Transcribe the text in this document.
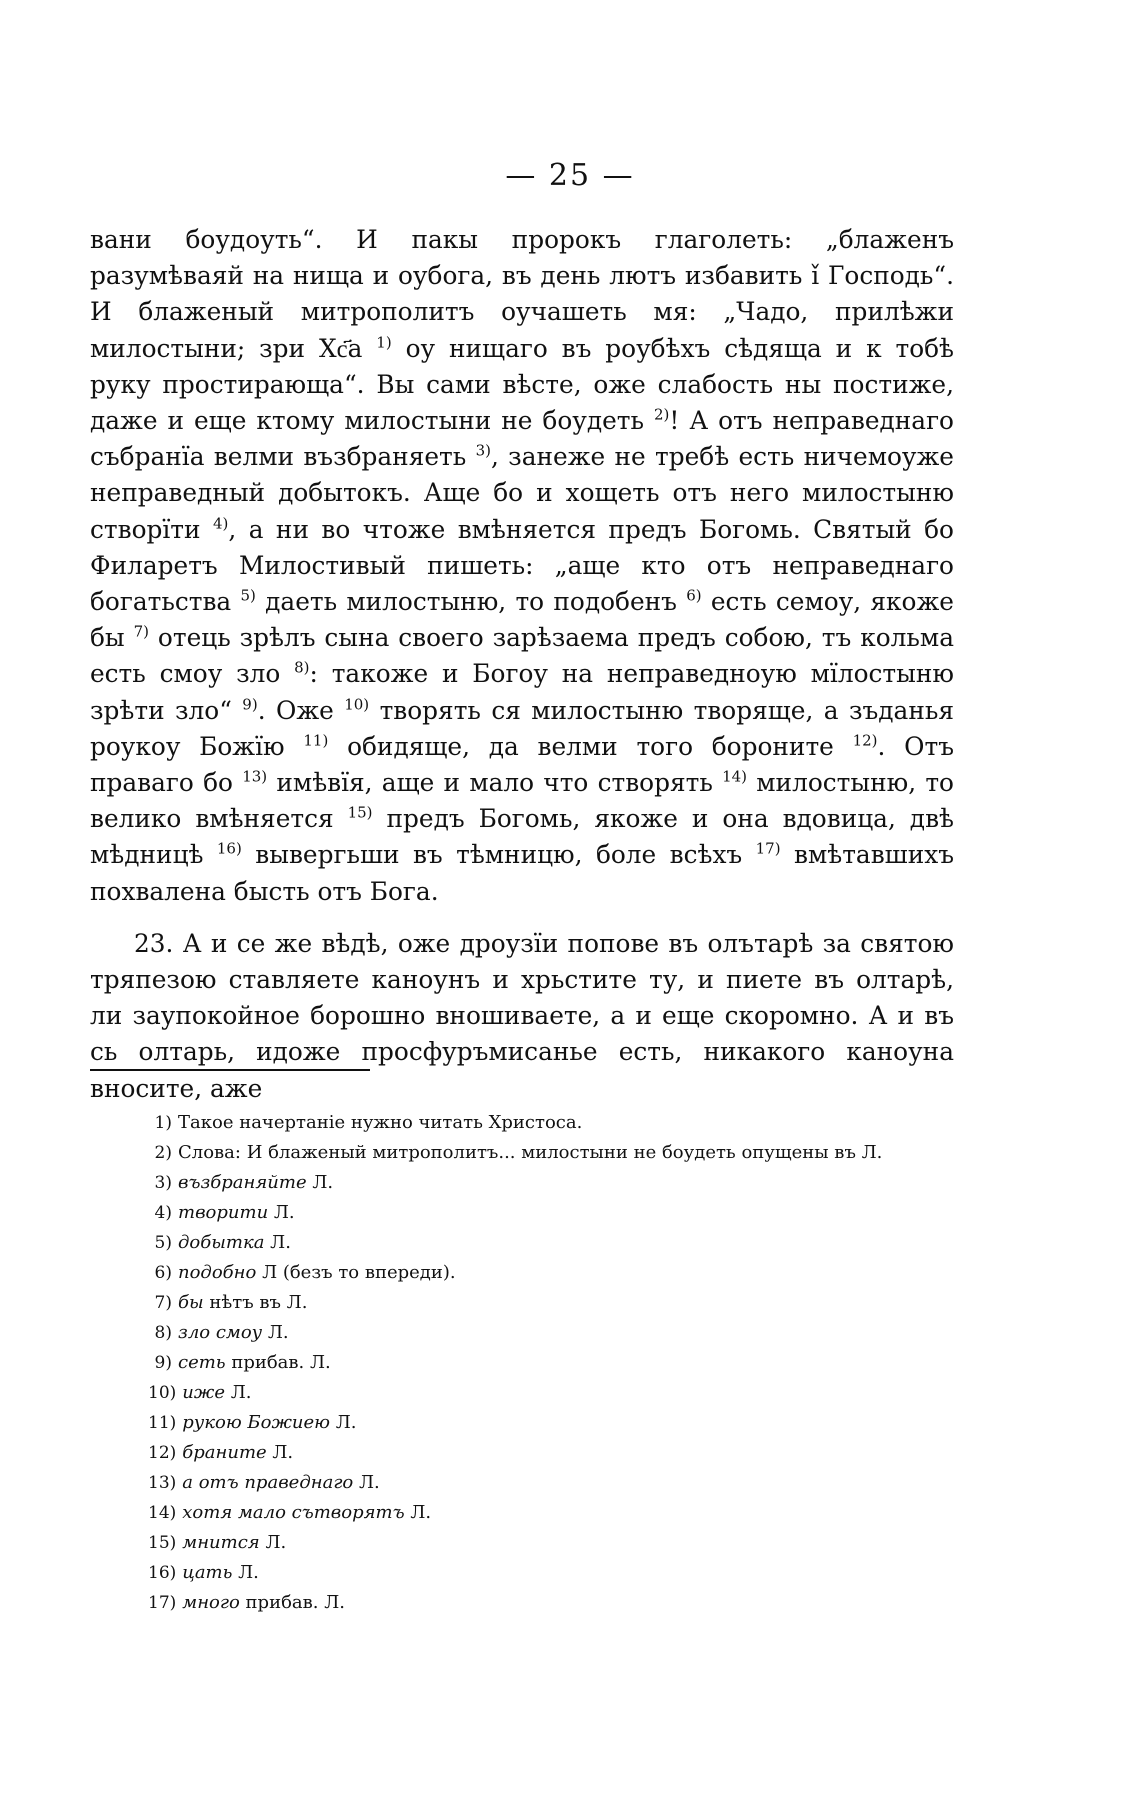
— 25 —

вани боудоуть“. И пакы пророкъ глаголеть: „блаженъ разумѣваяй на нища и оубога, въ день лютъ избавить ǐ Господь“. И блаженый митрополитъ оучашеть мя: „Чадо, прилѣжи милостыни; зри Хс҃а $^{1)}$ оу нищаго въ роубѣхъ сѣдяща и к тобѣ руку простирающа“. Вы сами вѣсте, оже слабость ны постиже, даже и еще ктому милостыни не боудеть $^{2)}$! А отъ неправеднаго събранïа велми възбраняеть $^{3)}$, занеже не требѣ есть ничемоуже неправедный добытокъ. Аще бо и хощеть отъ него милостыню створïти $^{4)}$, а ни во чтоже вмѣняется предъ Богомь. Святый бо Филаретъ Милостивый пишеть: „аще кто отъ неправеднаго богатьства $^{5)}$ даеть милостыню, то подобенъ $^{6)}$ есть семоу, якоже бы $^{7)}$ отець зрѣлъ сына своего зарѣзаема предъ собою, тъ кольма есть смоу зло $^{8)}$: такоже и Богоу на неправедноую мïлостыню зрѣти зло“ $^{9)}$. Оже $^{10)}$ творять ся милостыню творяще, а зъданья роукоу Божïю $^{11)}$ обидяще, да велми того бороните $^{12)}$. Отъ праваго бо $^{13)}$ имѣвïя, аще и мало что створять $^{14)}$ милостыню, то велико вмѣняется $^{15)}$ предъ Богомь, якоже и она вдовица, двѣ мѣдницѣ $^{16)}$ вывергьши въ тѣмницю, боле всѣхъ $^{17)}$ вмѣтавшихъ похвалена бысть отъ Бога.

23. А и се же вѣдѣ, оже дроузïи попове въ олътарѣ за святою тряпезою ставляете каноунъ и хрьстите ту, и пиете въ олтарѣ, ли заупокойное борошно вношиваете, а и еще скоромно. А и въ сь олтарь, идоже просфуръмисанье есть, никакого каноуна вносите, аже

1) Такое начертанiе нужно читать Христоса.
2) Слова: И блаженый митрополитъ... милостыни не боудеть опущены въ Л.
3) възбраняйте Л.
4) творити Л.
5) добытка Л.
6) подобно Л (безъ то впереди).
7) бы нѣтъ въ Л.
8) зло смоу Л.
9) сеть прибав. Л.
10) иже Л.
11) рукою Божиею Л.
12) браните Л.
13) а отъ праведнаго Л.
14) хотя мало сътворятъ Л.
15) мнится Л.
16) цать Л.
17) много прибав. Л.
